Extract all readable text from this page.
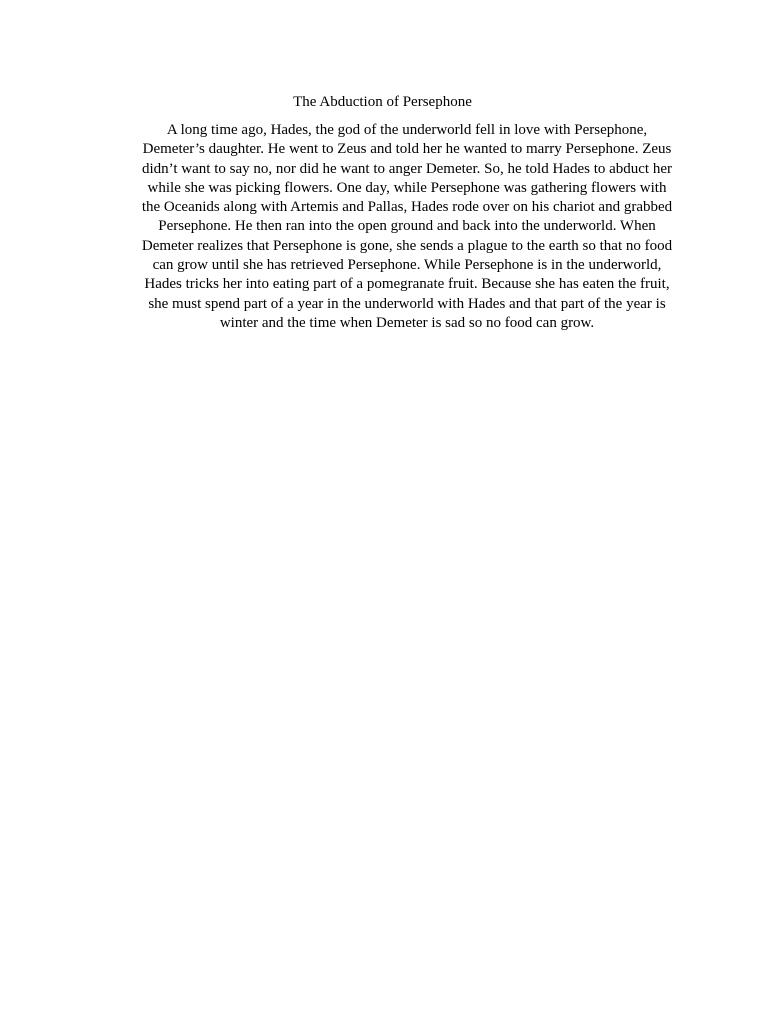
The Abduction of Persephone
A long time ago, Hades, the god of the underworld fell in love with Persephone,
Demeter’s daughter. He went to Zeus and told her he wanted to marry Persephone. Zeus
didn’t want to say no, nor did he want to anger Demeter. So, he told Hades to abduct her
while she was picking flowers. One day, while Persephone was gathering flowers with
the Oceanids along with Artemis and Pallas, Hades rode over on his chariot and grabbed
Persephone. He then ran into the open ground and back into the underworld. When
Demeter realizes that Persephone is gone, she sends a plague to the earth so that no food
can grow until she has retrieved Persephone. While Persephone is in the underworld,
Hades tricks her into eating part of a pomegranate fruit. Because she has eaten the fruit,
she must spend part of a year in the underworld with Hades and that part of the year is
winter and the time when Demeter is sad so no food can grow.
